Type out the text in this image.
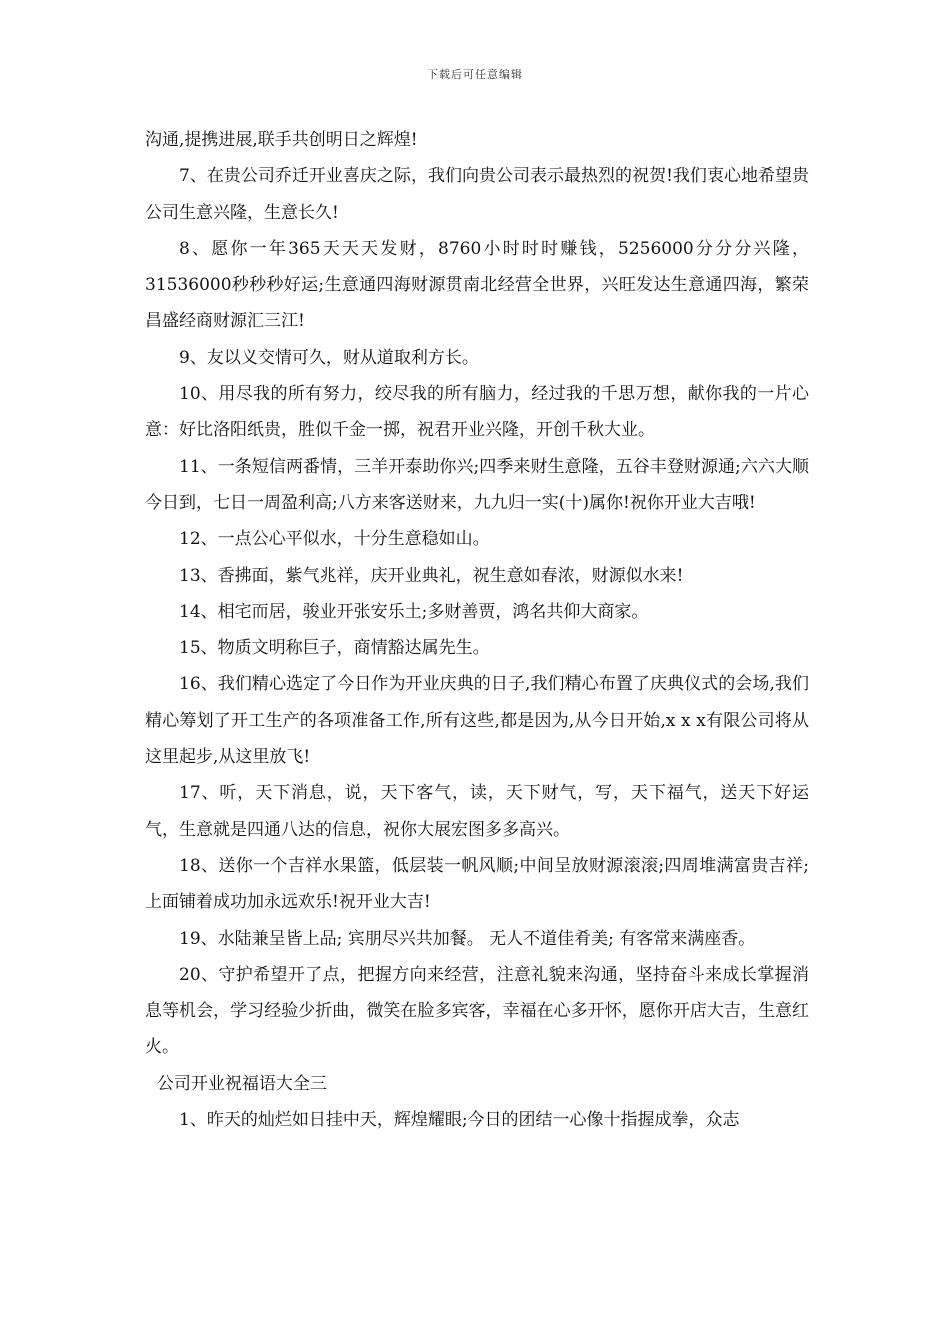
下载后可任意编辑

沟通,提携进展,联手共创明日之辉煌!

7、在贵公司乔迁开业喜庆之际，我们向贵公司表示最热烈的祝贺!我们衷心地希望贵公司生意兴隆，生意长久!

8、愿你一年365天天天发财，8760小时时时赚钱，5256000分分分兴隆，31536000秒秒秒好运;生意通四海财源贯南北经营全世界，兴旺发达生意通四海，繁荣昌盛经商财源汇三江!

9、友以义交情可久，财从道取利方长。

10、用尽我的所有努力，绞尽我的所有脑力，经过我的千思万想，献你我的一片心意：好比洛阳纸贵，胜似千金一掷，祝君开业兴隆，开创千秋大业。

11、一条短信两番情，三羊开泰助你兴;四季来财生意隆，五谷丰登财源通;六六大顺今日到，七日一周盈利高;八方来客送财来，九九归一实(十)属你!祝你开业大吉哦!

12、一点公心平似水，十分生意稳如山。

13、香拂面，紫气兆祥，庆开业典礼，祝生意如春浓，财源似水来!

14、相宅而居，骏业开张安乐土;多财善贾，鸿名共仰大商家。

15、物质文明称巨子，商情豁达属先生。

16、我们精心选定了今日作为开业庆典的日子,我们精心布置了庆典仪式的会场,我们精心筹划了开工生产的各项准备工作,所有这些,都是因为,从今日开始,x x x有限公司将从这里起步,从这里放飞!

17、听，天下消息，说，天下客气，读，天下财气，写，天下福气，送天下好运气，生意就是四通八达的信息，祝你大展宏图多多高兴。

18、送你一个吉祥水果篮，低层装一帆风顺;中间呈放财源滚滚;四周堆满富贵吉祥;上面铺着成功加永远欢乐!祝开业大吉!

19、水陆兼呈皆上品; 宾朋尽兴共加餐。 无人不道佳肴美; 有客常来满座香。

20、守护希望开了点，把握方向来经营，注意礼貌来沟通，坚持奋斗来成长掌握消息等机会，学习经验少折曲，微笑在脸多宾客，幸福在心多开怀，愿你开店大吉，生意红火。

公司开业祝福语大全三

1、昨天的灿烂如日挂中天，辉煌耀眼;今日的团结一心像十指握成拳，众志
